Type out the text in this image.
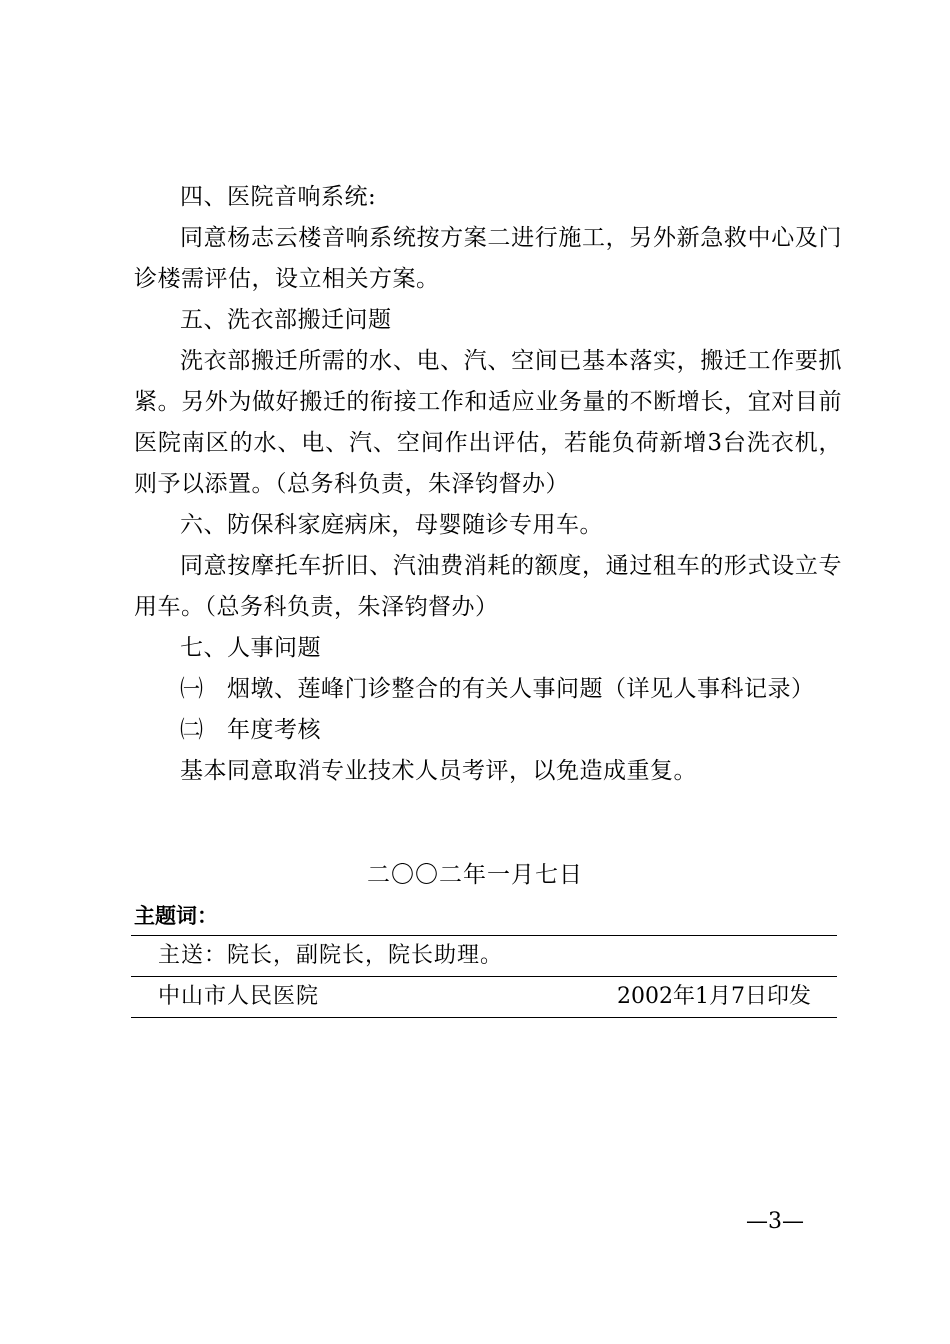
四、医院音响系统:

同意杨志云楼音响系统按方案二进行施工，另外新急救中心及门诊楼需评估，设立相关方案。

五、洗衣部搬迁问题

洗衣部搬迁所需的水、电、汽、空间已基本落实，搬迁工作要抓紧。另外为做好搬迁的衔接工作和适应业务量的不断增长，宜对目前医院南区的水、电、汽、空间作出评估，若能负荷新增3台洗衣机，则予以添置。（总务科负责，朱泽钧督办）

六、防保科家庭病床，母婴随诊专用车。

同意按摩托车折旧、汽油费消耗的额度，通过租车的形式设立专用车。（总务科负责，朱泽钧督办）

七、人事问题

㈠　烟墩、莲峰门诊整合的有关人事问题（详见人事科记录）

㈡　年度考核

基本同意取消专业技术人员考评，以免造成重复。

二〇〇二年一月七日
主题词：
主送：院长，副院长，院长助理。
中山市人民医院	2002年1月7日印发
—3—
